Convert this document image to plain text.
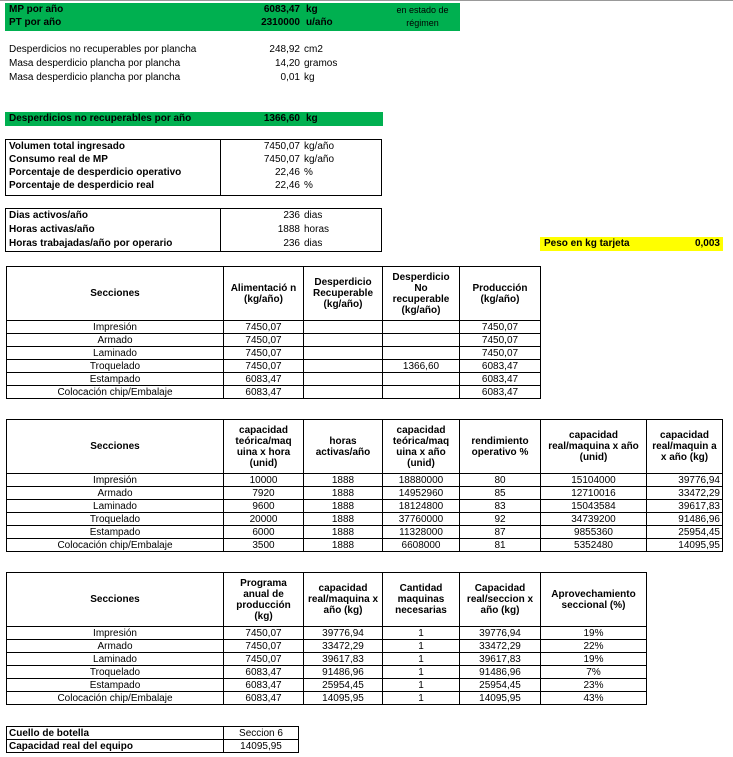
MP por año	6083,47 kg
PT por año	2310000 u/año
en estado de
régimen
Desperdicios no recuperables por plancha	248,92 cm2
Masa desperdicio plancha por plancha	14,20 gramos
Masa desperdicio plancha por plancha	0,01 kg
Desperdicios no recuperables por año	1366,60 kg
Volumen total ingresado	7450,07 kg/año
Consumo real de MP	7450,07 kg/año
Porcentaje de desperdicio operativo	22,46 %
Porcentaje de desperdicio real	22,46 %
Dias activos/año	236 dias
Horas activas/año	1888 horas
Horas trabajadas/año por operario	236 dias	Peso en kg tarjeta	0,003
Secciones	Alimentació n (kg/año)	Desperdicio Recuperable (kg/año)	Desperdicio No recuperable (kg/año)	Producción (kg/año)
Impresión	7450,07			7450,07
Armado	7450,07			7450,07
Laminado	7450,07			7450,07
Troquelado	7450,07		1366,60	6083,47
Estampado	6083,47			6083,47
Colocación chip/Embalaje	6083,47			6083,47
Secciones	capacidad teórica/maq uina x hora (unid)	horas activas/año	capacidad teórica/maq uina x año (unid)	rendimiento operativo %	capacidad real/maquina x año (unid)	capacidad real/maquin a x año (kg)
Impresión	10000	1888	18880000	80	15104000	39776,94
Armado	7920	1888	14952960	85	12710016	33472,29
Laminado	9600	1888	18124800	83	15043584	39617,83
Troquelado	20000	1888	37760000	92	34739200	91486,96
Estampado	6000	1888	11328000	87	9855360	25954,45
Colocación chip/Embalaje	3500	1888	6608000	81	5352480	14095,95
Secciones	Programa anual de producción (kg)	capacidad real/maquina x año (kg)	Cantidad maquinas necesarias	Capacidad real/seccion x año (kg)	Aprovechamiento seccional (%)
Impresión	7450,07	39776,94	1	39776,94	19%
Armado	7450,07	33472,29	1	33472,29	22%
Laminado	7450,07	39617,83	1	39617,83	19%
Troquelado	6083,47	91486,96	1	91486,96	7%
Estampado	6083,47	25954,45	1	25954,45	23%
Colocación chip/Embalaje	6083,47	14095,95	1	14095,95	43%
Cuello de botella	Seccion 6
Capacidad real del equipo	14095,95
